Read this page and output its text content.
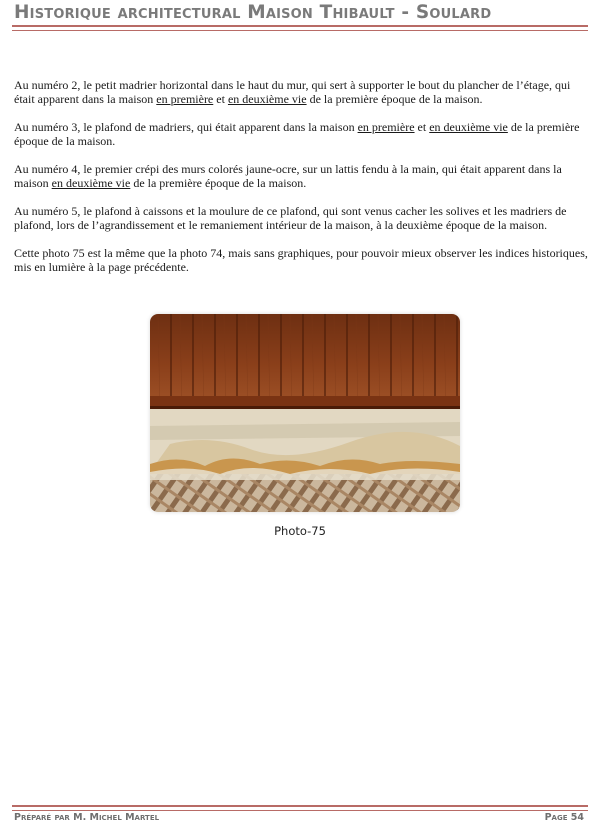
Historique architectural Maison Thibault - Soulard

Au numéro 2, le petit madrier horizontal dans le haut du mur, qui sert à supporter le bout du plancher de l’étage, qui était apparent dans la maison en première et en deuxième vie de la première époque de la maison.

Au numéro 3, le plafond de madriers, qui était apparent dans la maison en première et en deuxième vie de la première époque de la maison.

Au numéro 4, le premier crépi des murs colorés jaune-ocre, sur un lattis fendu à la main, qui était apparent dans la maison en deuxième vie de la première époque de la maison.

Au numéro 5, le plafond à caissons et la moulure de ce plafond, qui sont venus cacher les solives et les madriers de plafond, lors de l’agrandissement et le remaniement intérieur de la maison, à la deuxième époque de la maison.

Cette photo 75 est la même que la photo 74, mais sans graphiques, pour pouvoir mieux observer les indices historiques, mis en lumière à la page précédente.

Photo-75
Préparé par M. Michel Martel	Page 54
